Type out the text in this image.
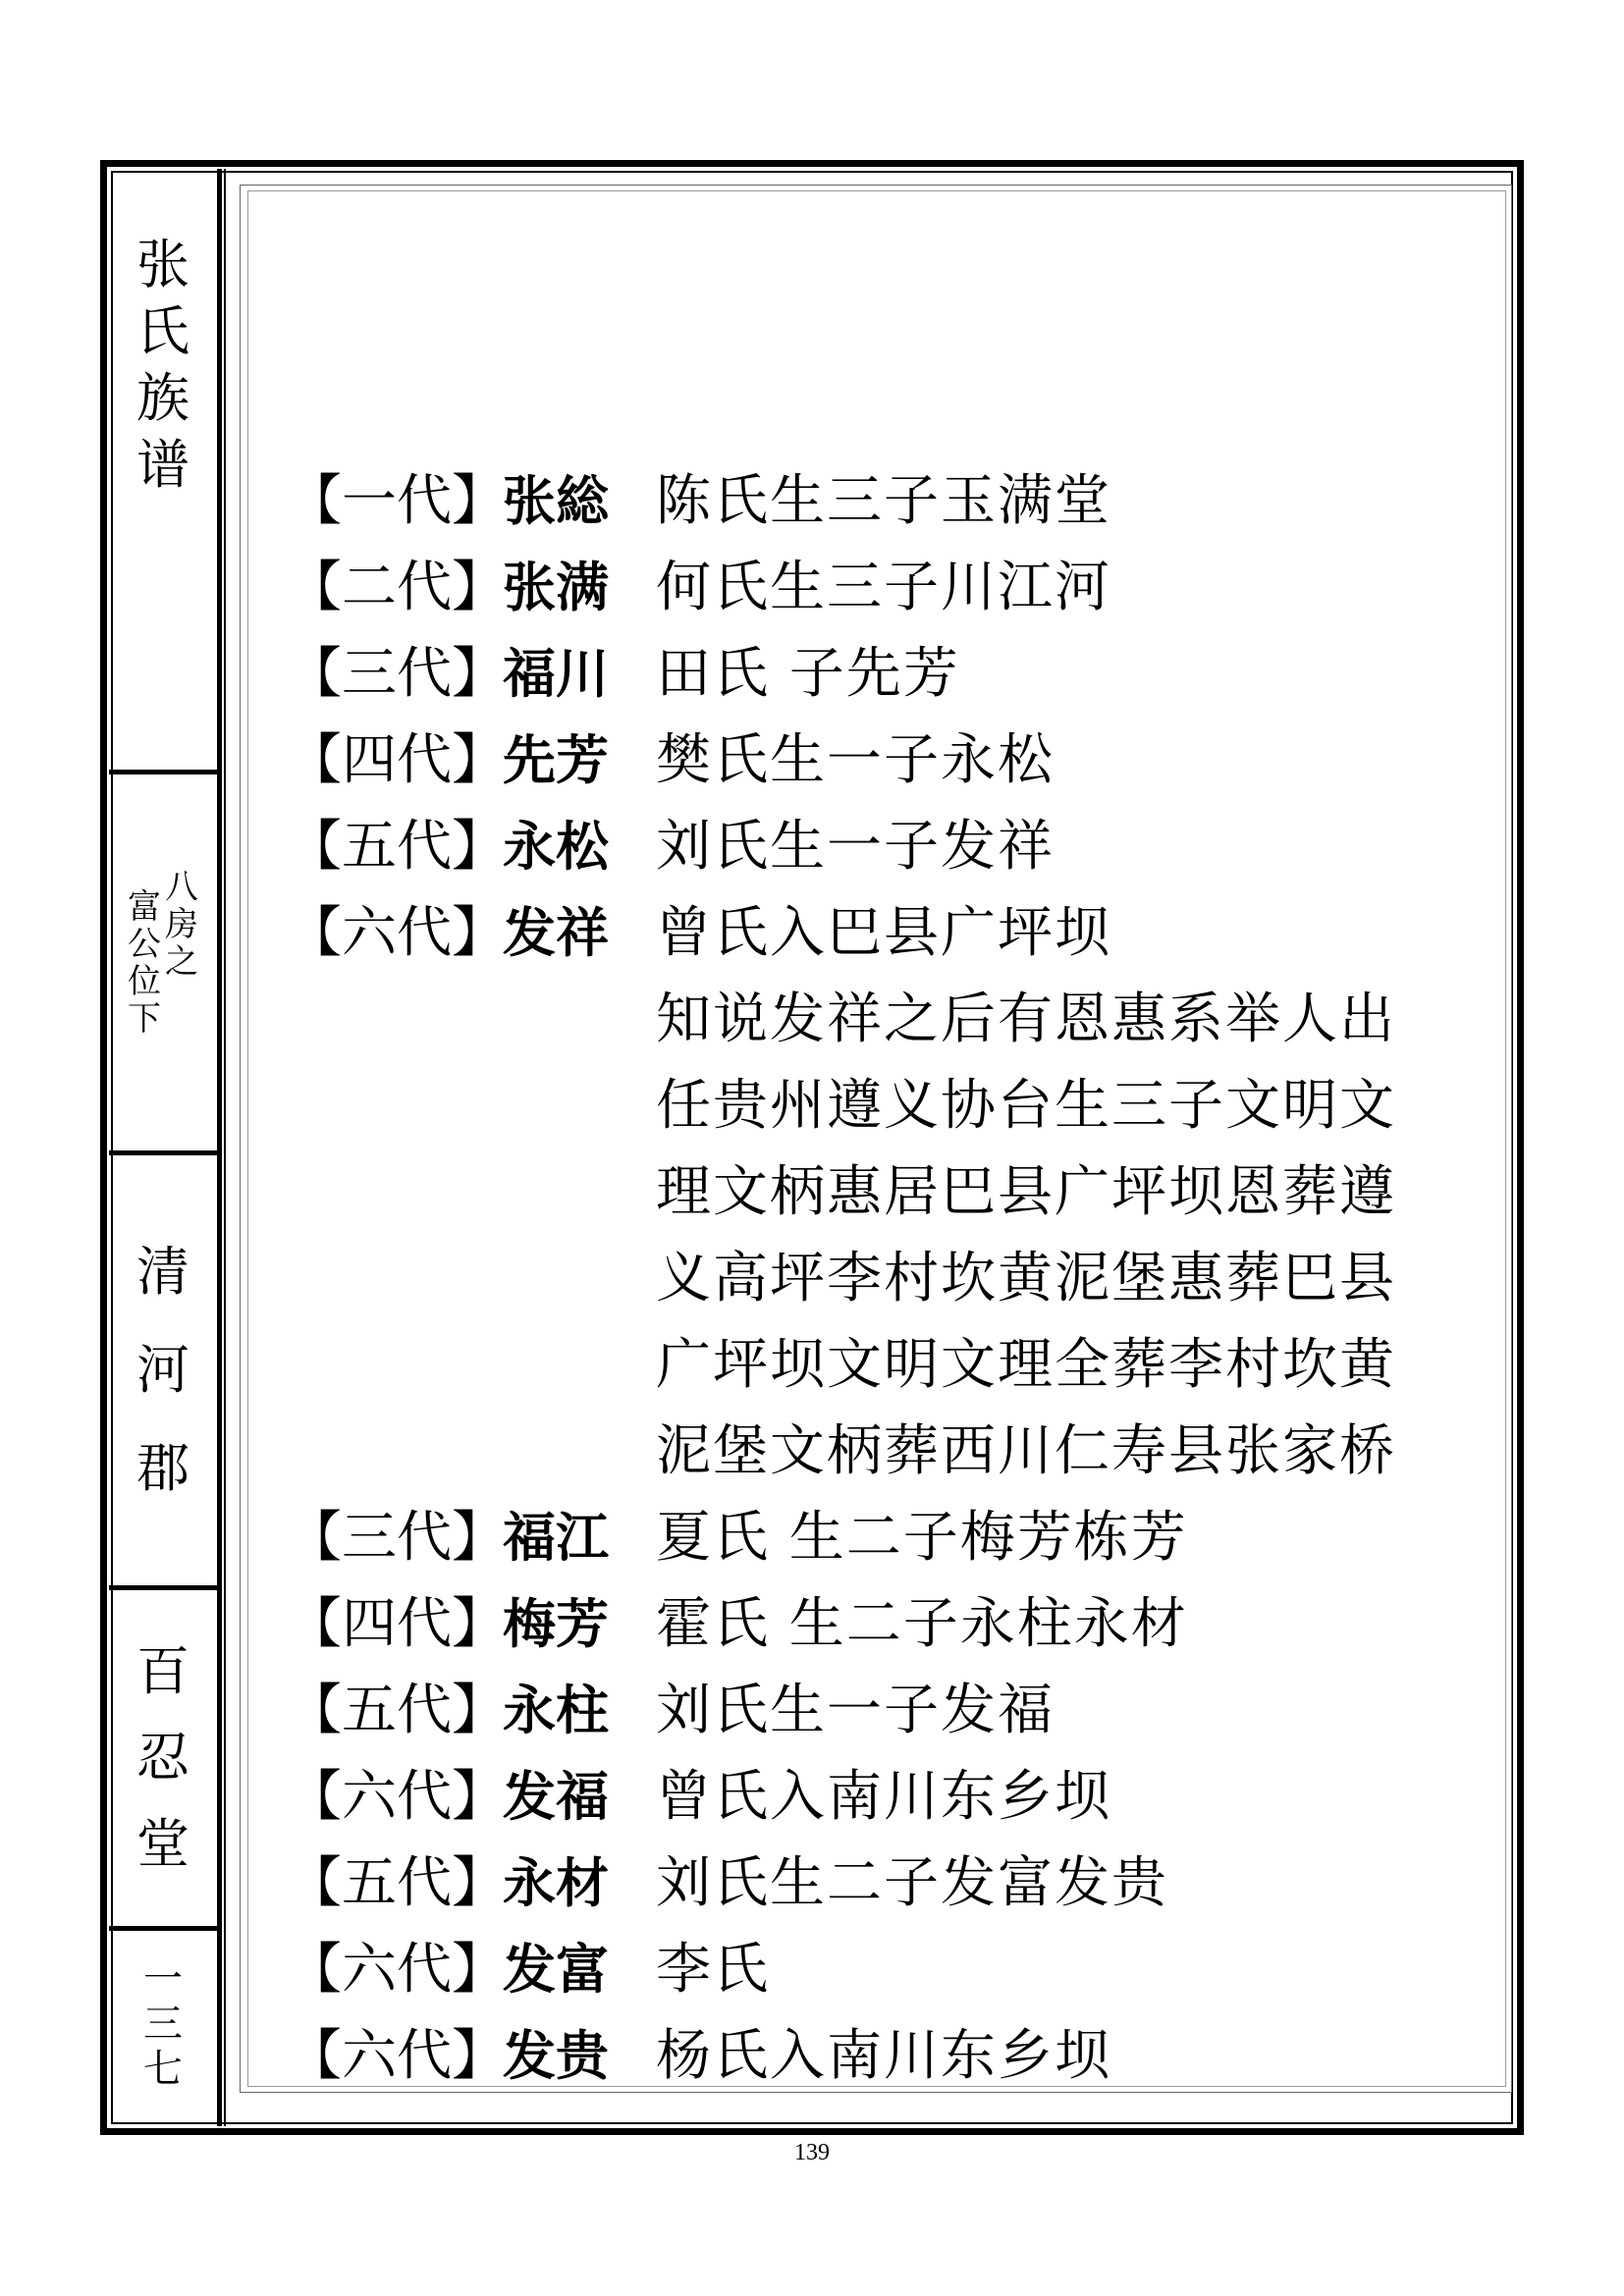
张
氏
族
谱
八
房
之
富
公
位
下
清
河
郡
百
忍
堂
一
三
七
【一代】
张総 陈氏生三子玉满堂
【二代】
张满 何氏生三子川江河
【三代】
福川 田氏 子先芳
【四代】
先芳 樊氏生一子永松
【五代】
永松 刘氏生一子发祥
【六代】
发祥 曾氏入巴县广坪坝
知说发祥之后有恩惠系举人出
任贵州遵义协台生三子文明文
理文柄惠居巴县广坪坝恩葬遵
义高坪李村坎黄泥堡惠葬巴县
广坪坝文明文理全葬李村坎黄
泥堡文柄葬西川仁寿县张家桥
【三代】
福江 夏氏 生二子梅芳栋芳
【四代】
梅芳 霍氏 生二子永柱永材
【五代】
永柱 刘氏生一子发福
【六代】
发福 曾氏入南川东乡坝
【五代】
永材 刘氏生二子发富发贵
【六代】
发富 李氏
【六代】
发贵 杨氏入南川东乡坝
139
